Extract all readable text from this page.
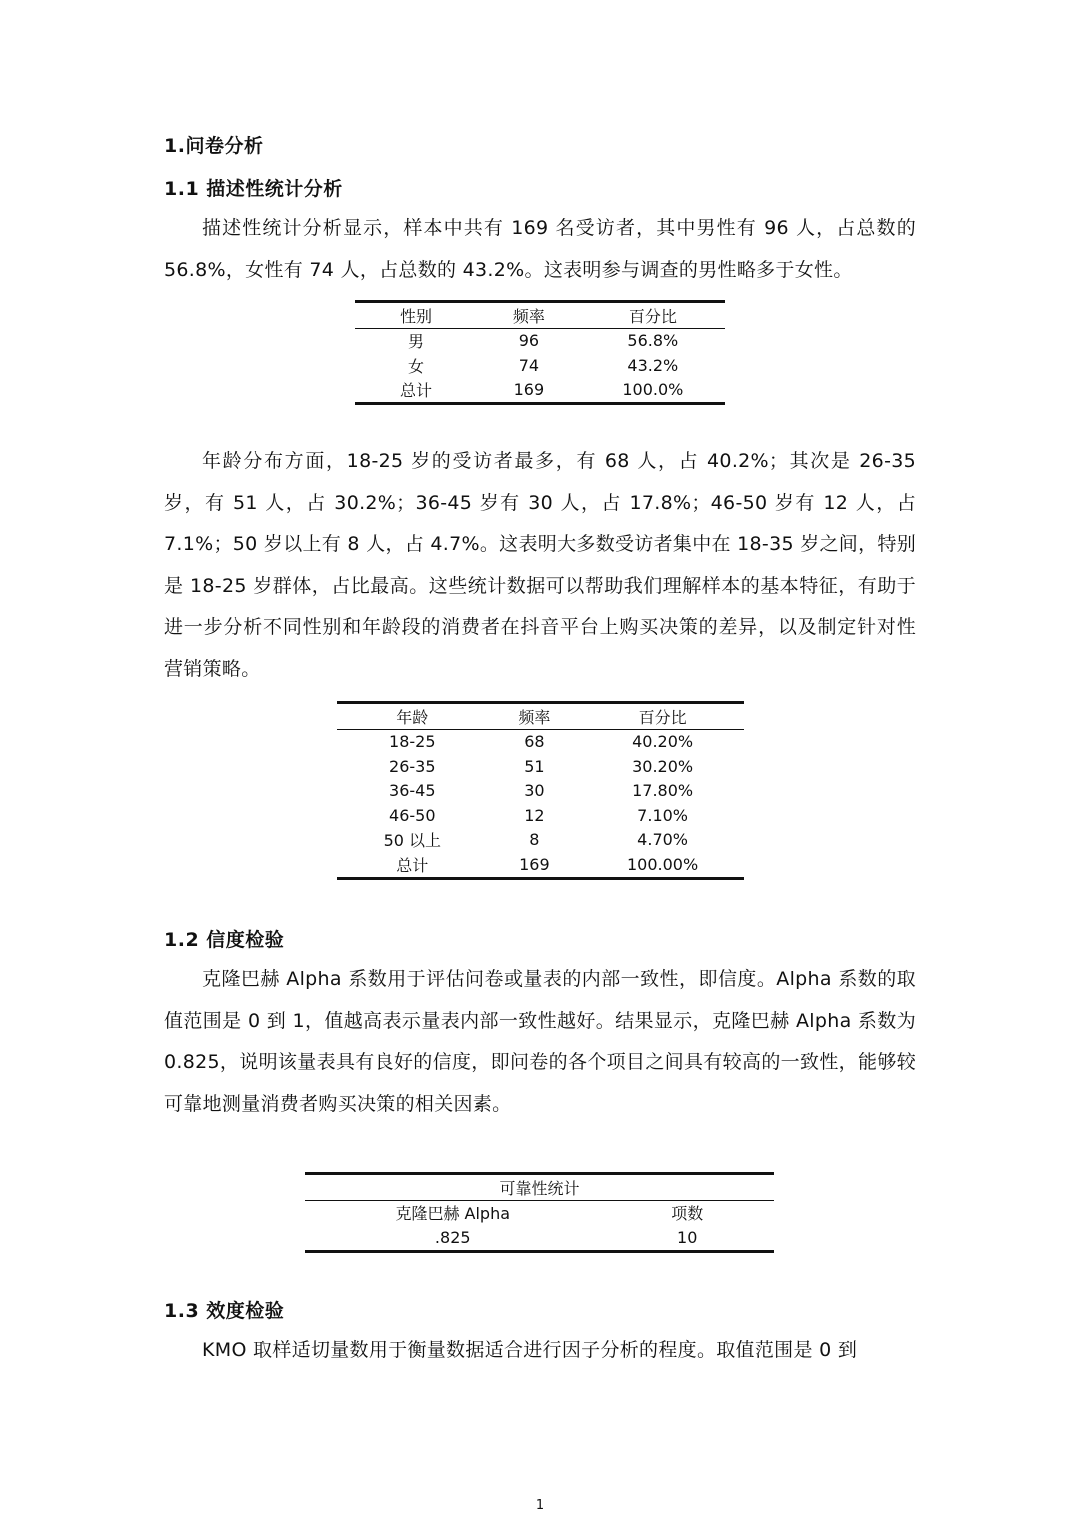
1.问卷分析
1.1 描述性统计分析

描述性统计分析显示，样本中共有 169 名受访者，其中男性有 96 人，占总数的 56.8%，女性有 74 人，占总数的 43.2%。这表明参与调查的男性略多于女性。

性别	频率	百分比
男	96	56.8%
女	74	43.2%
总计	169	100.0%

年龄分布方面，18-25 岁的受访者最多，有 68 人，占 40.2%；其次是 26-35 岁，有 51 人，占 30.2%；36-45 岁有 30 人，占 17.8%；46-50 岁有 12 人，占 7.1%；50 岁以上有 8 人，占 4.7%。这表明大多数受访者集中在 18-35 岁之间，特别是 18-25 岁群体，占比最高。这些统计数据可以帮助我们理解样本的基本特征，有助于进一步分析不同性别和年龄段的消费者在抖音平台上购买决策的差异，以及制定针对性营销策略。

年龄	频率	百分比
18-25	68	40.20%
26-35	51	30.20%
36-45	30	17.80%
46-50	12	7.10%
50 以上	8	4.70%
总计	169	100.00%
1.2 信度检验

克隆巴赫 Alpha 系数用于评估问卷或量表的内部一致性，即信度。Alpha 系数的取值范围是 0 到 1，值越高表示量表内部一致性越好。结果显示，克隆巴赫 Alpha 系数为 0.825，说明该量表具有良好的信度，即问卷的各个项目之间具有较高的一致性，能够较可靠地测量消费者购买决策的相关因素。

可靠性统计	
克隆巴赫 Alpha	项数
.825	10
1.3 效度检验

KMO 取样适切量数用于衡量数据适合进行因子分析的程度。取值范围是 0 到

1
